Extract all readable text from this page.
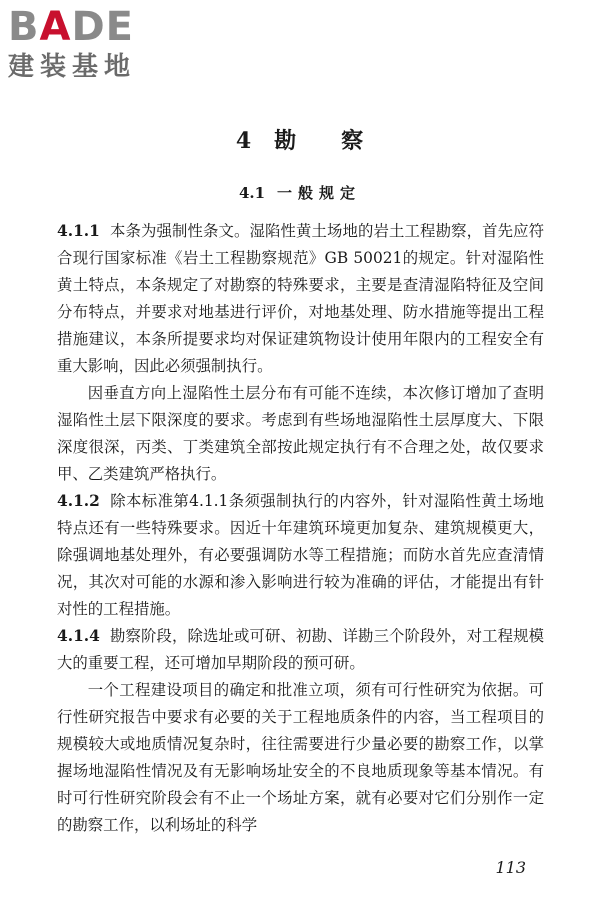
BADE
建装基地
4 勘 察
4.1 一般规定

4.1.1 本条为强制性条文。湿陷性黄土场地的岩土工程勘察，首先应符合现行国家标准《岩土工程勘察规范》GB 50021的规定。针对湿陷性黄土特点，本条规定了对勘察的特殊要求，主要是查清湿陷特征及空间分布特点，并要求对地基进行评价，对地基处理、防水措施等提出工程措施建议，本条所提要求均对保证建筑物设计使用年限内的工程安全有重大影响，因此必须强制执行。

因垂直方向上湿陷性土层分布有可能不连续，本次修订增加了查明湿陷性土层下限深度的要求。考虑到有些场地湿陷性土层厚度大、下限深度很深，丙类、丁类建筑全部按此规定执行有不合理之处，故仅要求甲、乙类建筑严格执行。

4.1.2 除本标准第4.1.1条须强制执行的内容外，针对湿陷性黄土场地特点还有一些特殊要求。因近十年建筑环境更加复杂、建筑规模更大，除强调地基处理外，有必要强调防水等工程措施；而防水首先应查清情况，其次对可能的水源和渗入影响进行较为准确的评估，才能提出有针对性的工程措施。

4.1.4 勘察阶段，除选址或可研、初勘、详勘三个阶段外，对工程规模大的重要工程，还可增加早期阶段的预可研。

一个工程建设项目的确定和批准立项，须有可行性研究为依据。可行性研究报告中要求有必要的关于工程地质条件的内容，当工程项目的规模较大或地质情况复杂时，往往需要进行少量必要的勘察工作，以掌握场地湿陷性情况及有无影响场址安全的不良地质现象等基本情况。有时可行性研究阶段会有不止一个场址方案，就有必要对它们分别作一定的勘察工作，以利场址的科学

113
